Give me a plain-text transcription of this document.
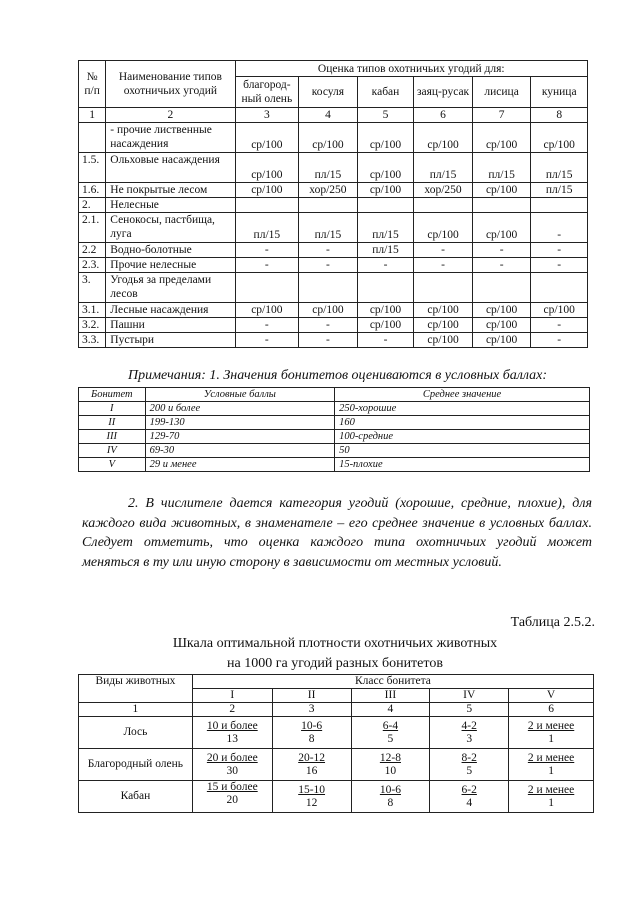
№ п/п	Наименование типов охотничьих угодий	Оценка типов охотничьих угодий для:					
		благород-ный олень	косуля	кабан	заяц-русак	лисица	куница
1	2	3	4	5	6	7	8
	- прочие лиственные насаждения	ср/100	ср/100	ср/100	ср/100	ср/100	ср/100
1.5.	Ольховые насаждения	ср/100	пл/15	ср/100	пл/15	пл/15	пл/15
1.6.	Не покрытые лесом	ср/100	хор/250	ср/100	хор/250	ср/100	пл/15
2.	Нелесные						
2.1.	Сенокосы, пастбища, луга	пл/15	пл/15	пл/15	ср/100	ср/100	-
2.2	Водно-болотные	-	-	пл/15	-	-	-
2.3.	Прочие нелесные	-	-	-	-	-	-
3.	Угодья за пределами лесов						
3.1.	Лесные насаждения	ср/100	ср/100	ср/100	ср/100	ср/100	ср/100
3.2.	Пашни	-	-	ср/100	ср/100	ср/100	-
3.3.	Пустыри	-	-	-	ср/100	ср/100	-
Примечания: 1. Значения бонитетов оцениваются в условных баллах:
Бонитет	Условные баллы	Среднее значение
I	200 и более	250-хорошие
II	199-130	160
III	129-70	100-средние
IV	69-30	50
V	29 и менее	15-плохие

2. В числителе дается категория угодий (хорошие, средние, плохие), для каждого вида животных, в знаменателе – его среднее значение в условных баллах. Следует отметить, что оценка каждого типа охотничьих угодий может меняться в ту или иную сторону в зависимости от местных условий.

Таблица 2.5.2.
Шкала оптимальной плотности охотничьих животных
на 1000 га угодий разных бонитетов
Виды животных	Класс бонитета				
	I	II	III	IV	V
1	2	3	4	5	6
Лось	$\frac{\text{10 и более}}{13}$	$\frac{10-6}{8}$	$\frac{6-4}{5}$	$\frac{4-2}{3}$	$\frac{\text{2 и менее}}{1}$

Благородный олень	$\frac{\text{20 и более}}{30}$	$\frac{20-12}{16}$	$\frac{12-8}{10}$	$\frac{8-2}{5}$	$\frac{\text{2 и менее}}{1}$

Кабан	$\frac{\text{15 и более}}{20}$	$\frac{15-10}{12}$	$\frac{10-6}{8}$	$\frac{6-2}{4}$	$\frac{\text{2 и менее}}{1}$
